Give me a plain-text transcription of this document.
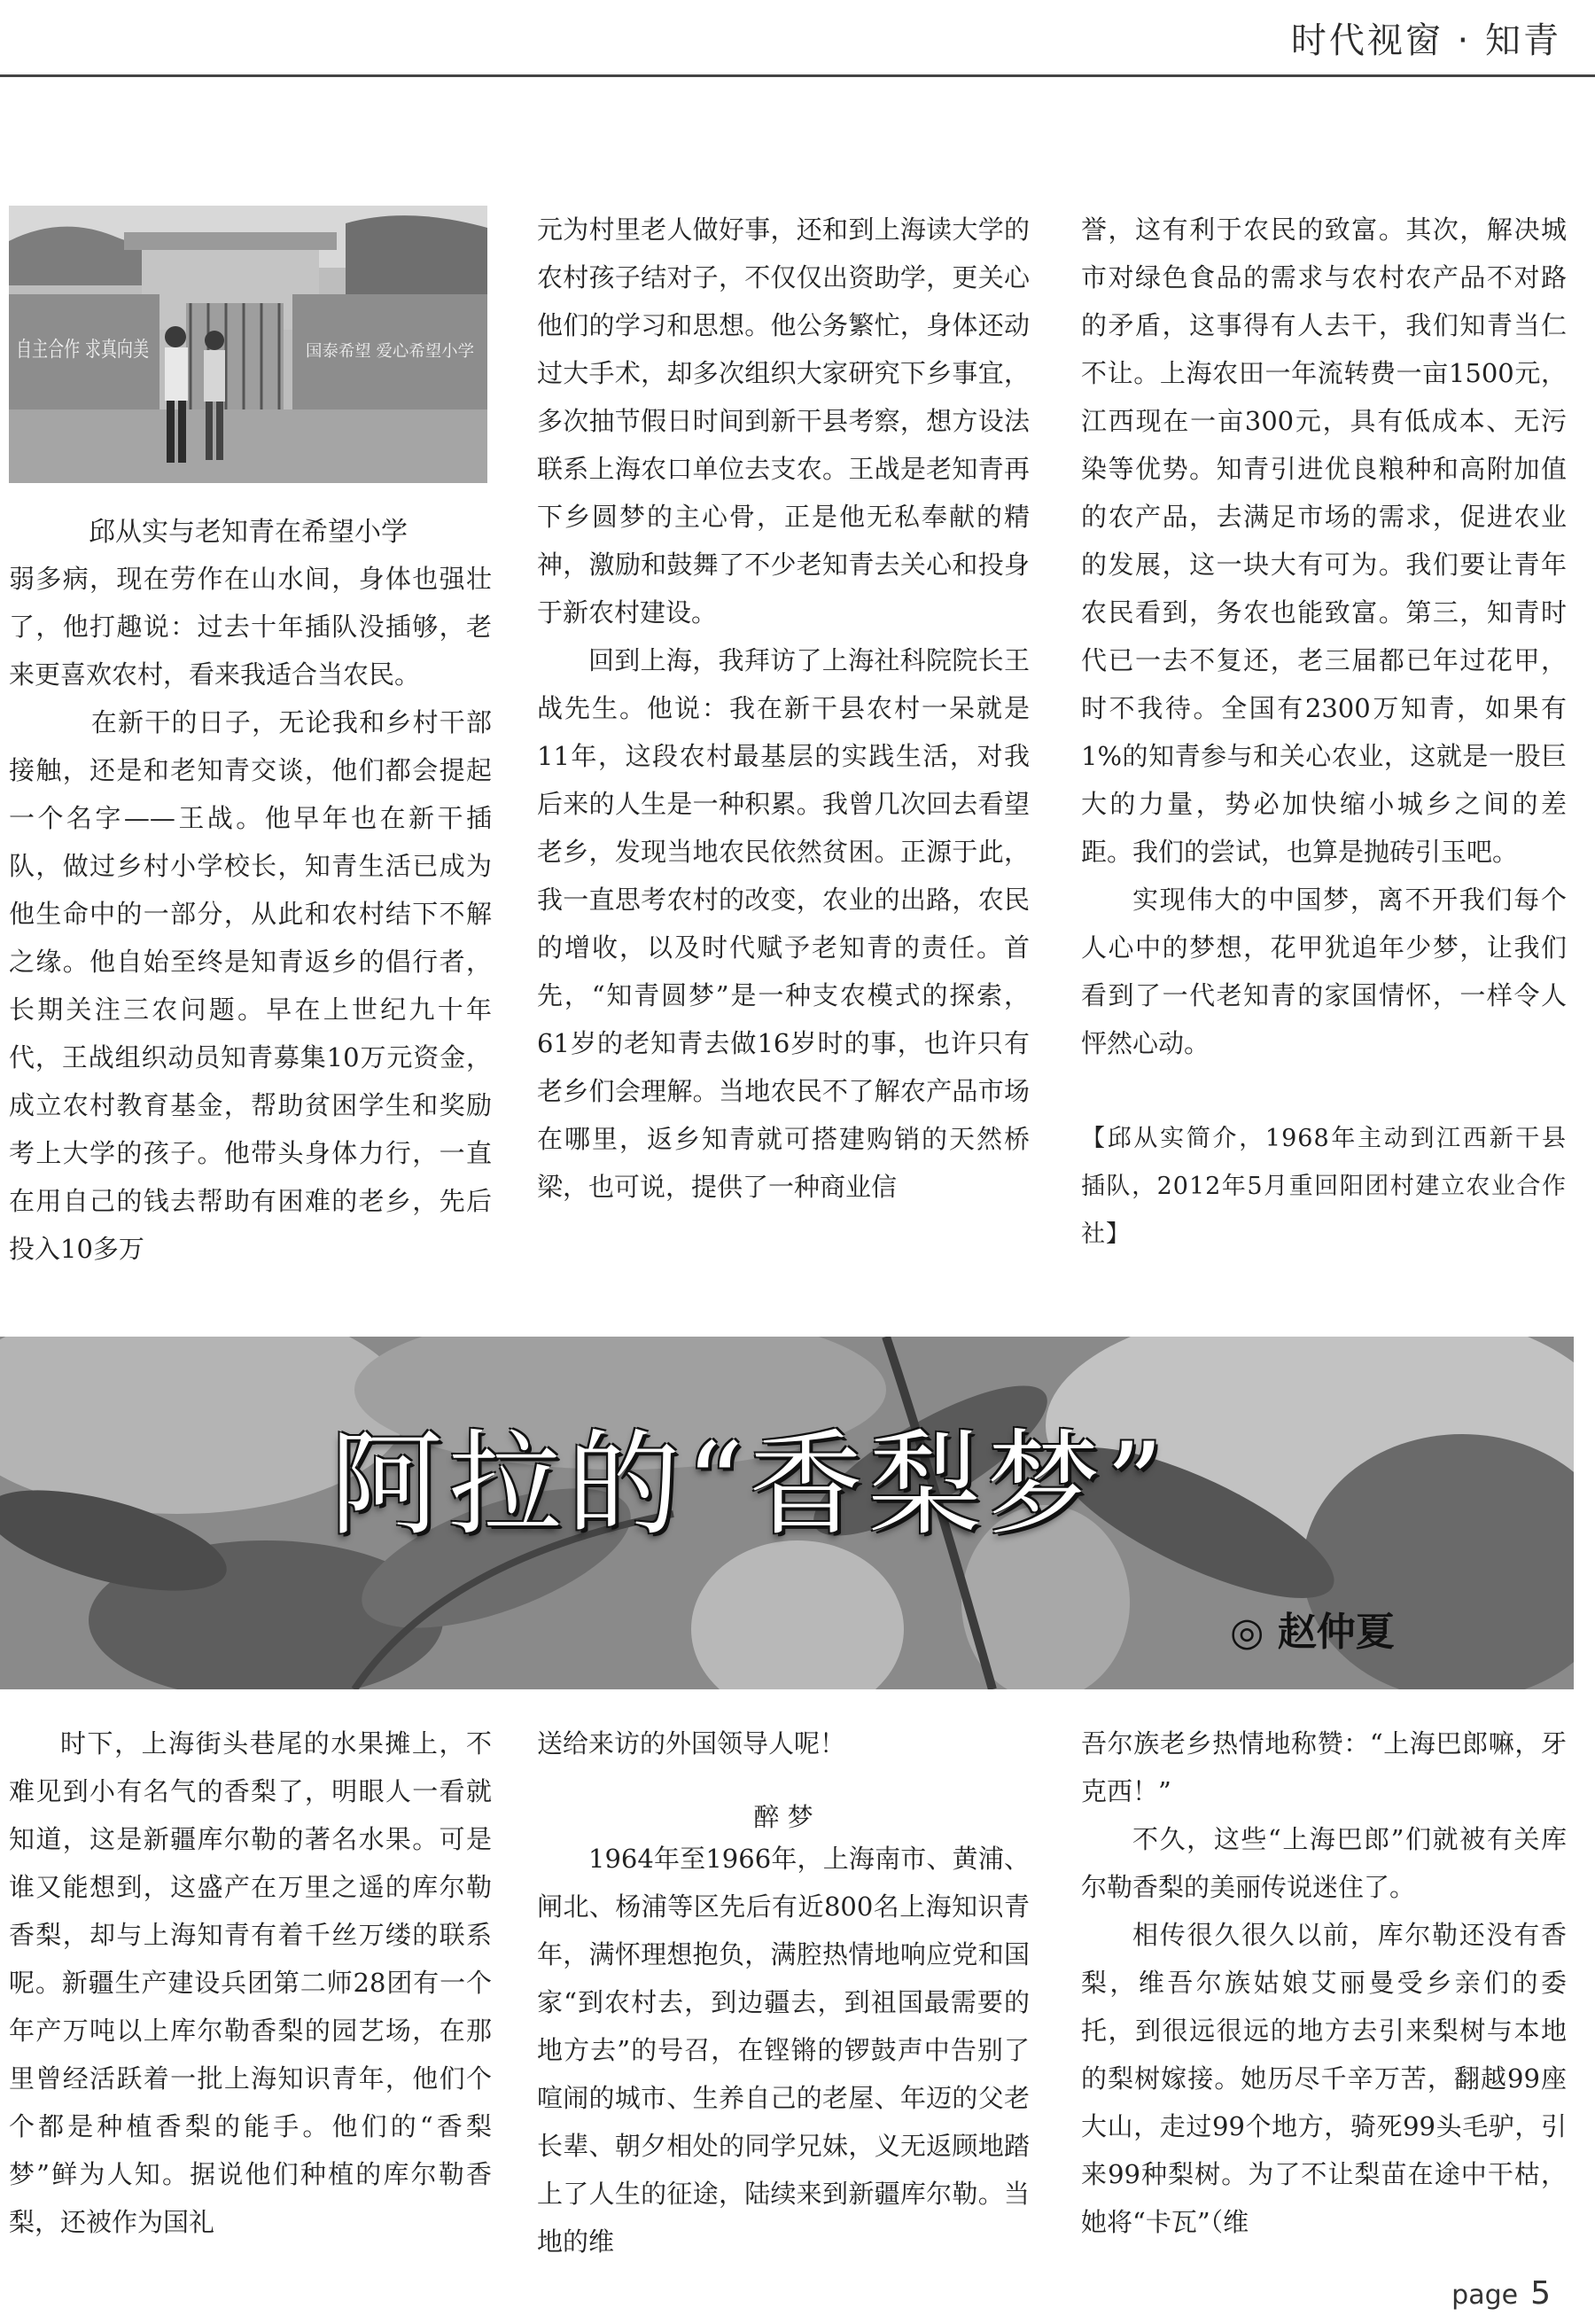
时代视窗 · 知青
自主合作 求真向美	国泰希望 爱心希望小学
邱从实与老知青在希望小学

弱多病，现在劳作在山水间，身体也强壮了，他打趣说：过去十年插队没插够，老来更喜欢农村，看来我适合当农民。

在新干的日子，无论我和乡村干部接触，还是和老知青交谈，他们都会提起一个名字——王战。他早年也在新干插队，做过乡村小学校长，知青生活已成为他生命中的一部分，从此和农村结下不解之缘。他自始至终是知青返乡的倡行者，长期关注三农问题。早在上世纪九十年代，王战组织动员知青募集10万元资金，成立农村教育基金，帮助贫困学生和奖励考上大学的孩子。他带头身体力行，一直在用自己的钱去帮助有困难的老乡，先后投入10多万

元为村里老人做好事，还和到上海读大学的农村孩子结对子，不仅仅出资助学，更关心他们的学习和思想。他公务繁忙，身体还动过大手术，却多次组织大家研究下乡事宜，多次抽节假日时间到新干县考察，想方设法联系上海农口单位去支农。王战是老知青再下乡圆梦的主心骨，正是他无私奉献的精神，激励和鼓舞了不少老知青去关心和投身于新农村建设。

回到上海，我拜访了上海社科院院长王战先生。他说：我在新干县农村一呆就是11年，这段农村最基层的实践生活，对我后来的人生是一种积累。我曾几次回去看望老乡，发现当地农民依然贫困。正源于此，我一直思考农村的改变，农业的出路，农民的增收，以及时代赋予老知青的责任。首先，“知青圆梦”是一种支农模式的探索，61岁的老知青去做16岁时的事，也许只有老乡们会理解。当地农民不了解农产品市场在哪里，返乡知青就可搭建购销的天然桥梁，也可说，提供了一种商业信

誉，这有利于农民的致富。其次，解决城市对绿色食品的需求与农村农产品不对路的矛盾，这事得有人去干，我们知青当仁不让。上海农田一年流转费一亩1500元，江西现在一亩300元，具有低成本、无污染等优势。知青引进优良粮种和高附加值的农产品，去满足市场的需求，促进农业的发展，这一块大有可为。我们要让青年农民看到，务农也能致富。第三，知青时代已一去不复还，老三届都已年过花甲，时不我待。全国有2300万知青，如果有1%的知青参与和关心农业，这就是一股巨大的力量，势必加快缩小城乡之间的差距。我们的尝试，也算是抛砖引玉吧。

实现伟大的中国梦，离不开我们每个人心中的梦想，花甲犹追年少梦，让我们看到了一代老知青的家国情怀，一样令人怦然心动。

【邱从实简介，1968年主动到江西新干县插队，2012年5月重回阳团村建立农业合作社】

阿拉的“香梨梦”
◎ 赵仲夏

时下，上海街头巷尾的水果摊上，不难见到小有名气的香梨了，明眼人一看就知道，这是新疆库尔勒的著名水果。可是谁又能想到，这盛产在万里之遥的库尔勒香梨，却与上海知青有着千丝万缕的联系呢。新疆生产建设兵团第二师28团有一个年产万吨以上库尔勒香梨的园艺场，在那里曾经活跃着一批上海知识青年，他们个个都是种植香梨的能手。他们的“香梨梦”鲜为人知。据说他们种植的库尔勒香梨，还被作为国礼

送给来访的外国领导人呢！

醉 梦

1964年至1966年，上海南市、黄浦、闸北、杨浦等区先后有近800名上海知识青年，满怀理想抱负，满腔热情地响应党和国家“到农村去，到边疆去，到祖国最需要的地方去”的号召，在铿锵的锣鼓声中告别了喧闹的城市、生养自己的老屋、年迈的父老长辈、朝夕相处的同学兄妹，义无返顾地踏上了人生的征途，陆续来到新疆库尔勒。当地的维

吾尔族老乡热情地称赞：“上海巴郎嘛，牙克西！”

不久，这些“上海巴郎”们就被有关库尔勒香梨的美丽传说迷住了。

相传很久很久以前，库尔勒还没有香梨，维吾尔族姑娘艾丽曼受乡亲们的委托，到很远很远的地方去引来梨树与本地的梨树嫁接。她历尽千辛万苦，翻越99座大山，走过99个地方，骑死99头毛驴，引来99种梨树。为了不让梨苗在途中干枯，她将“卡瓦”（维

page 5
